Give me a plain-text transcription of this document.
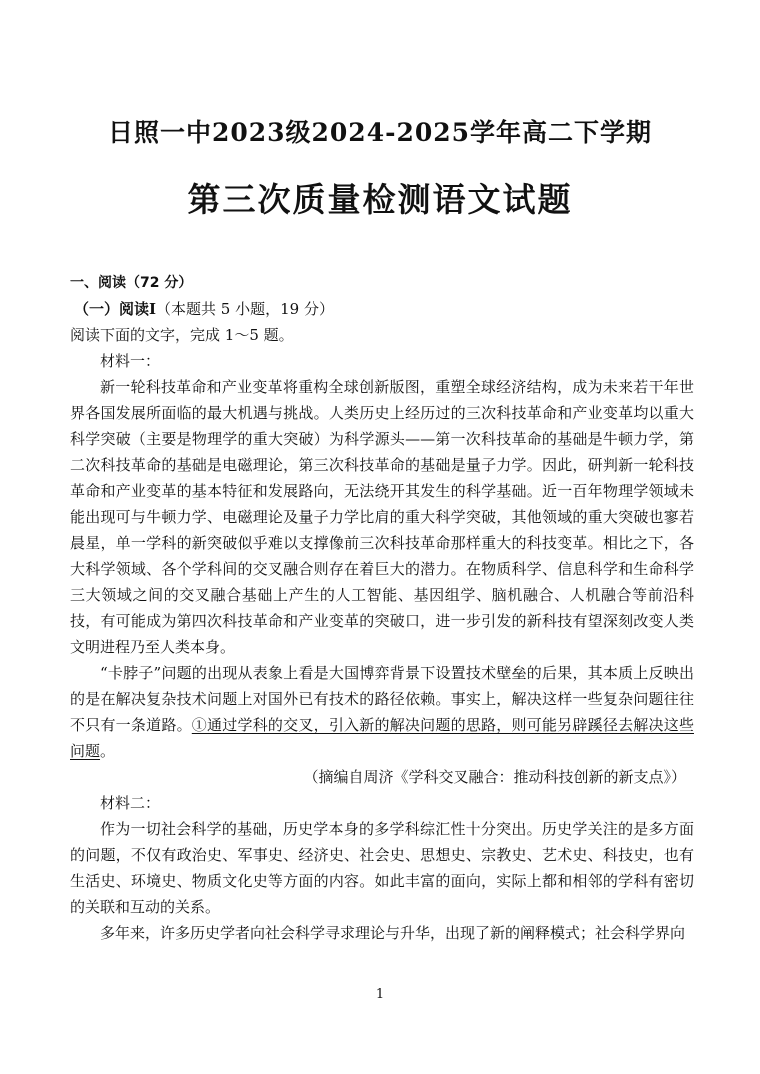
日照一中2023级2024-2025学年高二下学期
第三次质量检测语文试题

一、阅读（72 分）

（一）阅读Ⅰ（本题共 5 小题，19 分）

阅读下面的文字，完成 1～5 题。

材料一：

新一轮科技革命和产业变革将重构全球创新版图，重塑全球经济结构，成为未来若干年世界各国发展所面临的最大机遇与挑战。人类历史上经历过的三次科技革命和产业变革均以重大科学突破（主要是物理学的重大突破）为科学源头——第一次科技革命的基础是牛顿力学，第二次科技革命的基础是电磁理论，第三次科技革命的基础是量子力学。因此，研判新一轮科技革命和产业变革的基本特征和发展路向，无法绕开其发生的科学基础。近一百年物理学领域未能出现可与牛顿力学、电磁理论及量子力学比肩的重大科学突破，其他领域的重大突破也寥若晨星，单一学科的新突破似乎难以支撑像前三次科技革命那样重大的科技变革。相比之下，各大科学领域、各个学科间的交叉融合则存在着巨大的潜力。在物质科学、信息科学和生命科学三大领域之间的交叉融合基础上产生的人工智能、基因组学、脑机融合、人机融合等前沿科技，有可能成为第四次科技革命和产业变革的突破口，进一步引发的新科技有望深刻改变人类文明进程乃至人类本身。

“卡脖子”问题的出现从表象上看是大国博弈背景下设置技术壁垒的后果，其本质上反映出的是在解决复杂技术问题上对国外已有技术的路径依赖。事实上，解决这样一些复杂问题往往不只有一条道路。①通过学科的交叉，引入新的解决问题的思路，则可能另辟蹊径去解决这些问题。

（摘编自周济《学科交叉融合：推动科技创新的新支点》）

材料二：

作为一切社会科学的基础，历史学本身的多学科综汇性十分突出。历史学关注的是多方面的问题，不仅有政治史、军事史、经济史、社会史、思想史、宗教史、艺术史、科技史，也有生活史、环境史、物质文化史等方面的内容。如此丰富的面向，实际上都和相邻的学科有密切的关联和互动的关系。

多年来，许多历史学者向社会科学寻求理论与升华，出现了新的阐释模式；社会科学界向

1
